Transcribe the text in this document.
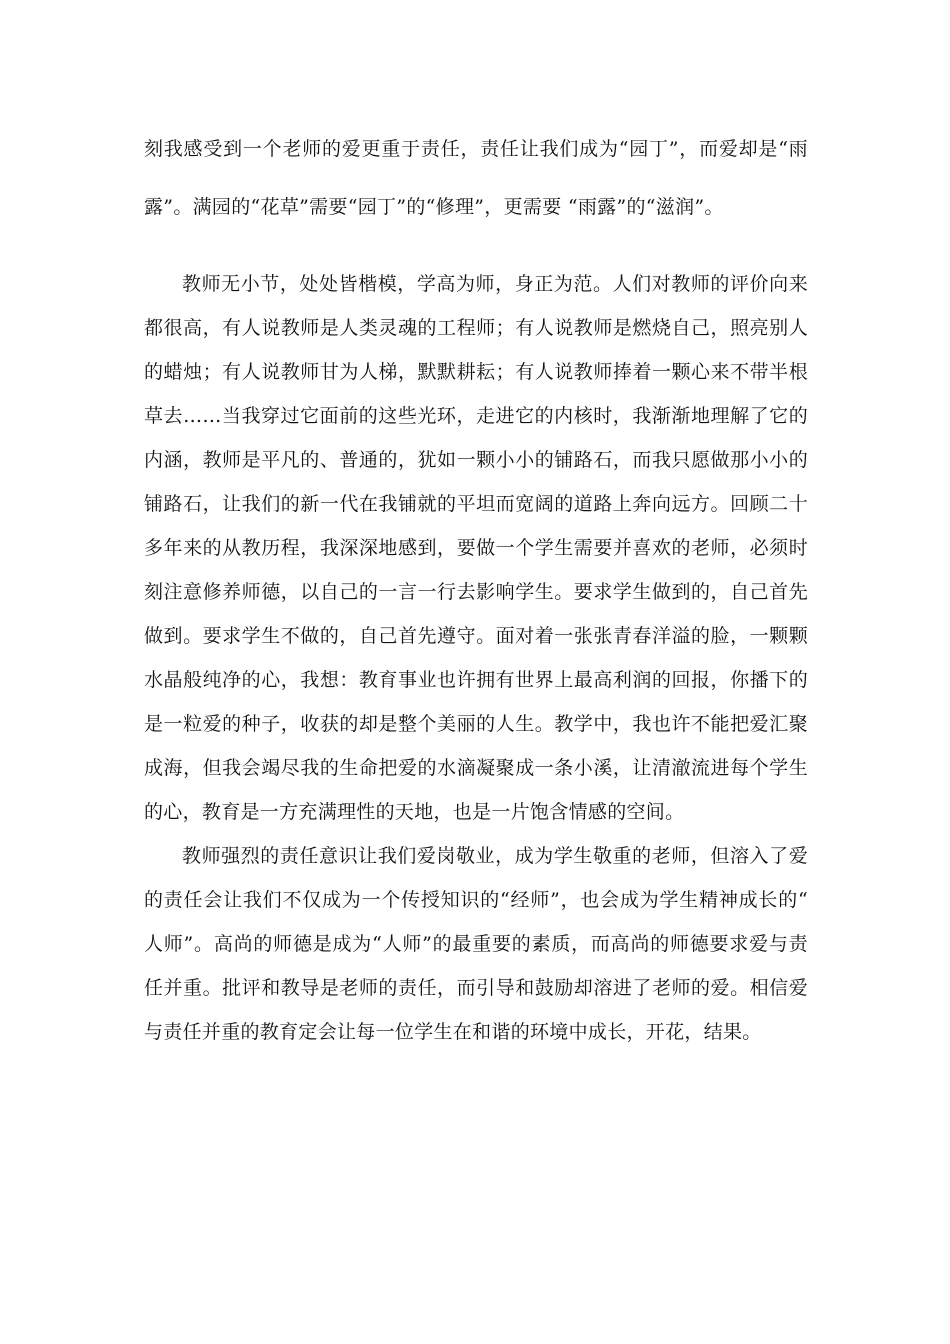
刻我感受到一个老师的爱更重于责任，责任让我们成为“园丁”，而爱却是“雨露”。满园的“花草”需要“园丁”的“修理”，更需要 “雨露”的“滋润”。

教师无小节，处处皆楷模，学高为师，身正为范。人们对教师的评价向来都很高，有人说教师是人类灵魂的工程师；有人说教师是燃烧自己，照亮别人的蜡烛；有人说教师甘为人梯，默默耕耘；有人说教师捧着一颗心来不带半根草去……当我穿过它面前的这些光环，走进它的内核时，我渐渐地理解了它的内涵，教师是平凡的、普通的，犹如一颗小小的铺路石，而我只愿做那小小的铺路石，让我们的新一代在我铺就的平坦而宽阔的道路上奔向远方。回顾二十多年来的从教历程，我深深地感到，要做一个学生需要并喜欢的老师，必须时刻注意修养师德，以自己的一言一行去影响学生。要求学生做到的，自己首先做到。要求学生不做的，自己首先遵守。面对着一张张青春洋溢的脸，一颗颗水晶般纯净的心，我想：教育事业也许拥有世界上最高利润的回报，你播下的是一粒爱的种子，收获的却是整个美丽的人生。教学中，我也许不能把爱汇聚成海，但我会竭尽我的生命把爱的水滴凝聚成一条小溪，让清澈流进每个学生的心，教育是一方充满理性的天地，也是一片饱含情感的空间。

教师强烈的责任意识让我们爱岗敬业，成为学生敬重的老师，但溶入了爱的责任会让我们不仅成为一个传授知识的“经师”，也会成为学生精神成长的“人师”。高尚的师德是成为“人师”的最重要的素质，而高尚的师德要求爱与责任并重。批评和教导是老师的责任，而引导和鼓励却溶进了老师的爱。相信爱与责任并重的教育定会让每一位学生在和谐的环境中成长，开花，结果。
